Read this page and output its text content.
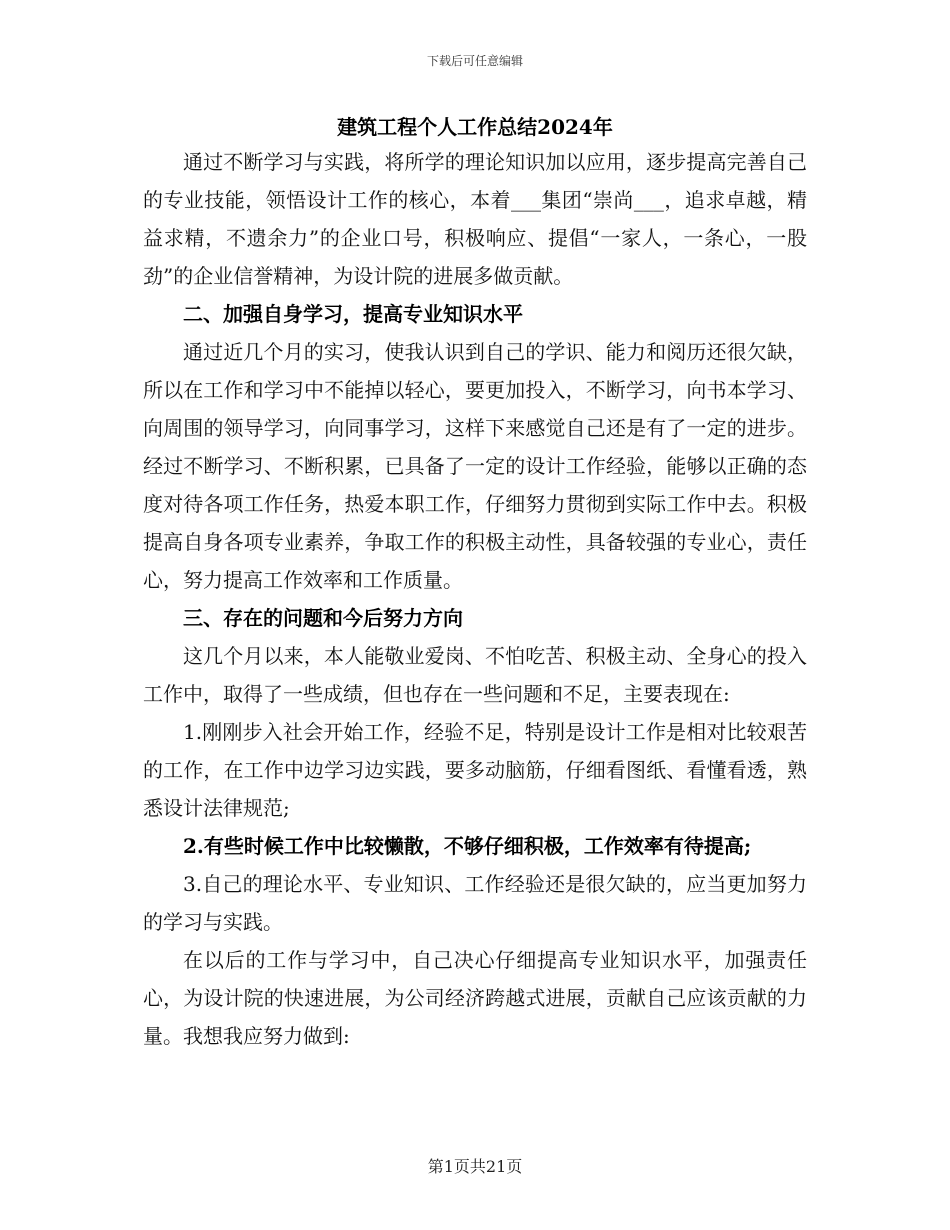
下载后可任意编辑
建筑工程个人工作总结2024年

通过不断学习与实践，将所学的理论知识加以应用，逐步提高完善自己的专业技能，领悟设计工作的核心，本着___集团“崇尚___，追求卓越，精益求精，不遗余力”的企业口号，积极响应、提倡“一家人，一条心，一股劲”的企业信誉精神，为设计院的进展多做贡献。

二、加强自身学习，提高专业知识水平

通过近几个月的实习，使我认识到自己的学识、能力和阅历还很欠缺，所以在工作和学习中不能掉以轻心，要更加投入，不断学习，向书本学习、向周围的领导学习，向同事学习，这样下来感觉自己还是有了一定的进步。经过不断学习、不断积累，已具备了一定的设计工作经验，能够以正确的态度对待各项工作任务，热爱本职工作，仔细努力贯彻到实际工作中去。积极提高自身各项专业素养，争取工作的积极主动性，具备较强的专业心，责任心，努力提高工作效率和工作质量。

三、存在的问题和今后努力方向

这几个月以来，本人能敬业爱岗、不怕吃苦、积极主动、全身心的投入工作中，取得了一些成绩，但也存在一些问题和不足，主要表现在:

1.刚刚步入社会开始工作，经验不足，特别是设计工作是相对比较艰苦的工作，在工作中边学习边实践，要多动脑筋，仔细看图纸、看懂看透，熟悉设计法律规范;

2.有些时候工作中比较懒散，不够仔细积极，工作效率有待提高;

3.自己的理论水平、专业知识、工作经验还是很欠缺的，应当更加努力的学习与实践。

在以后的工作与学习中，自己决心仔细提高专业知识水平，加强责任心，为设计院的快速进展，为公司经济跨越式进展，贡献自己应该贡献的力量。我想我应努力做到:

第1页共21页
